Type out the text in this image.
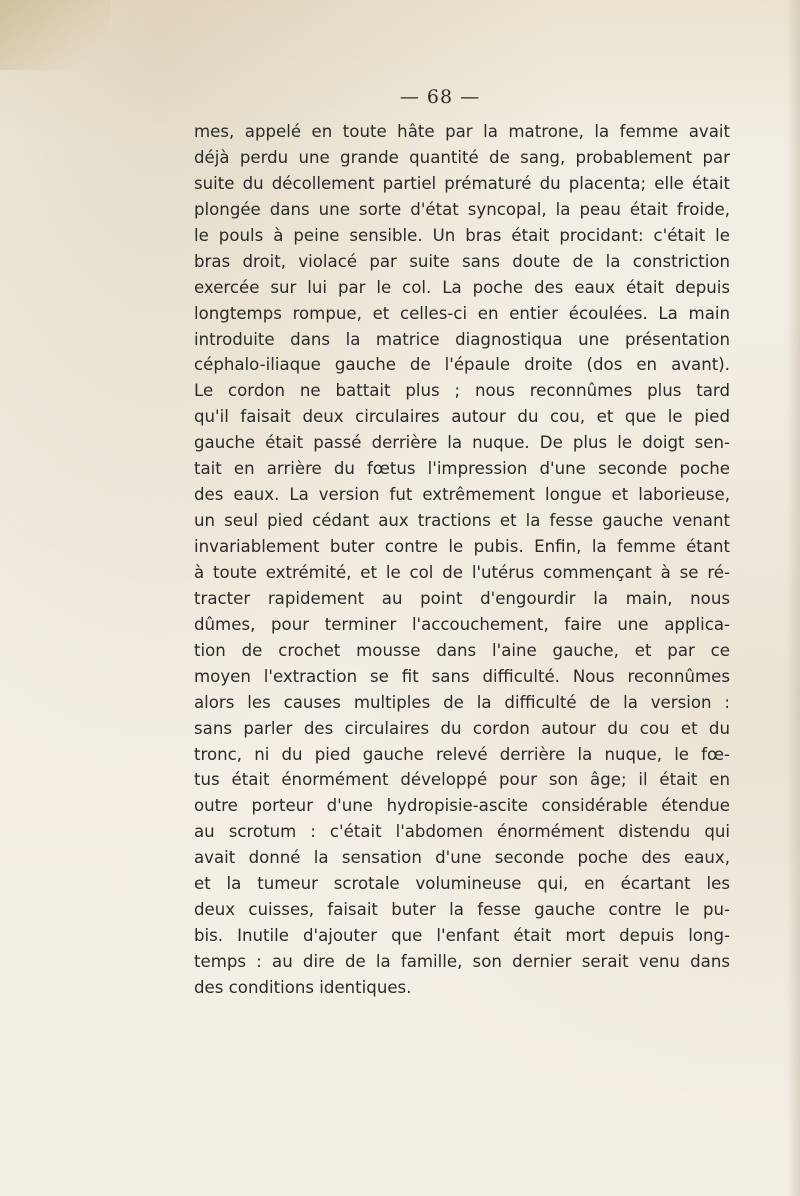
— 68 —
mes, appelé en toute hâte par la matrone, la femme avait
déjà perdu une grande quantité de sang, probablement par
suite du décollement partiel prématuré du placenta; elle était
plongée dans une sorte d'état syncopal, la peau était froide,
le pouls à peine sensible. Un bras était procidant: c'était le
bras droit, violacé par suite sans doute de la constriction
exercée sur lui par le col. La poche des eaux était depuis
longtemps rompue, et celles-ci en entier écoulées. La main
introduite dans la matrice diagnostiqua une présentation
céphalo-iliaque gauche de l'épaule droite (dos en avant).
Le cordon ne battait plus ; nous reconnûmes plus tard
qu'il faisait deux circulaires autour du cou, et que le pied
gauche était passé derrière la nuque. De plus le doigt sen-
tait en arrière du fœtus l'impression d'une seconde poche
des eaux. La version fut extrêmement longue et laborieuse,
un seul pied cédant aux tractions et la fesse gauche venant
invariablement buter contre le pubis. Enfin, la femme étant
à toute extrémité, et le col de l'utérus commençant à se ré-
tracter rapidement au point d'engourdir la main, nous
dûmes, pour terminer l'accouchement, faire une applica-
tion de crochet mousse dans l'aine gauche, et par ce
moyen l'extraction se fit sans difficulté. Nous reconnûmes
alors les causes multiples de la difficulté de la version :
sans parler des circulaires du cordon autour du cou et du
tronc, ni du pied gauche relevé derrière la nuque, le fœ-
tus était énormément développé pour son âge; il était en
outre porteur d'une hydropisie-ascite considérable étendue
au scrotum : c'était l'abdomen énormément distendu qui
avait donné la sensation d'une seconde poche des eaux,
et la tumeur scrotale volumineuse qui, en écartant les
deux cuisses, faisait buter la fesse gauche contre le pu-
bis. Inutile d'ajouter que l'enfant était mort depuis long-
temps : au dire de la famille, son dernier serait venu dans
des conditions identiques.
